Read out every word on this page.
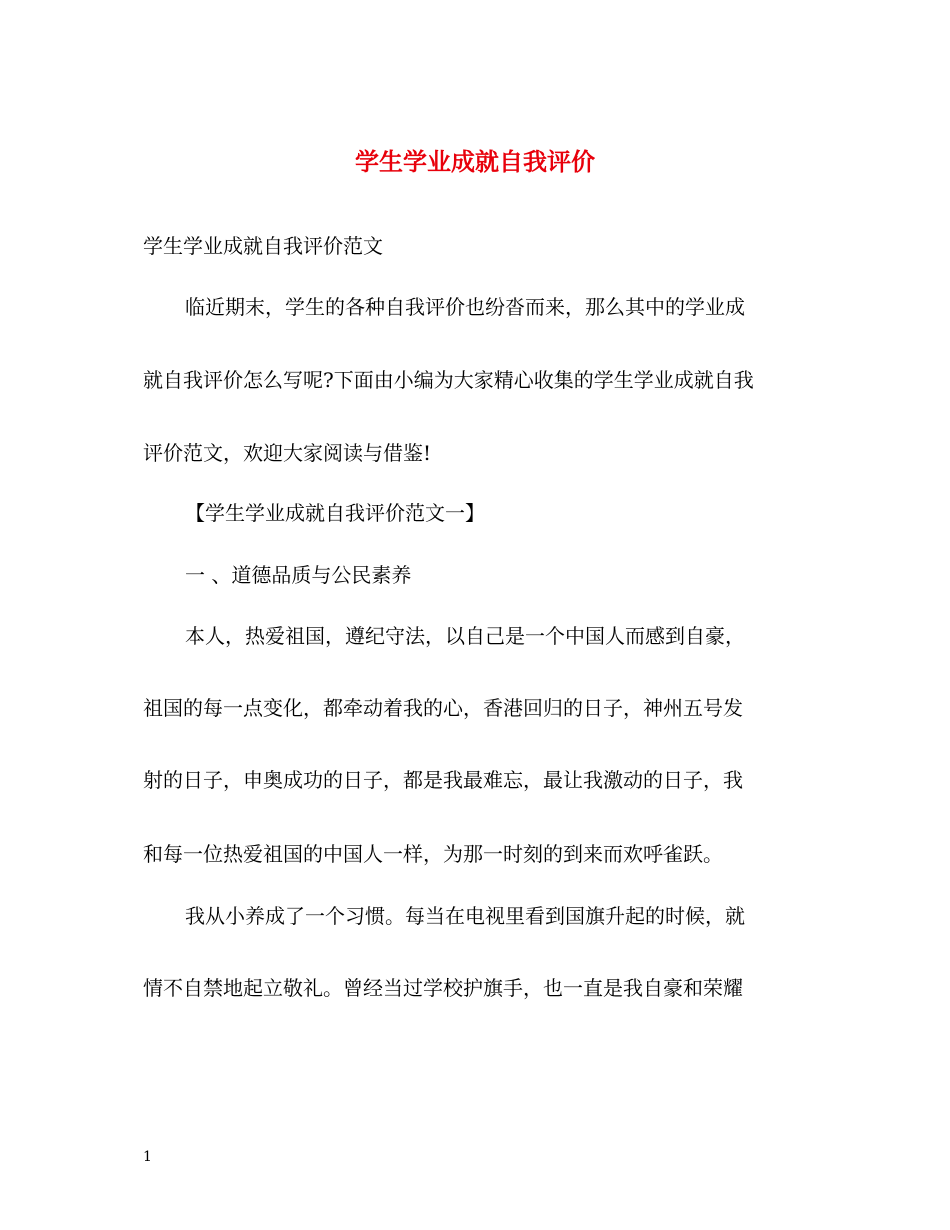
学生学业成就自我评价
学生学业成就自我评价范文
临近期末，学生的各种自我评价也纷沓而来，那么其中的学业成
就自我评价怎么写呢?下面由小编为大家精心收集的学生学业成就自我
评价范文，欢迎大家阅读与借鉴!
【学生学业成就自我评价范文一】
一 、道德品质与公民素养
本人，热爱祖国，遵纪守法，以自己是一个中国人而感到自豪，
祖国的每一点变化，都牵动着我的心，香港回归的日子，神州五号发
射的日子，申奥成功的日子，都是我最难忘，最让我激动的日子，我
和每一位热爱祖国的中国人一样，为那一时刻的到来而欢呼雀跃。
我从小养成了一个习惯。每当在电视里看到国旗升起的时候，就
情不自禁地起立敬礼。曾经当过学校护旗手，也一直是我自豪和荣耀
1
